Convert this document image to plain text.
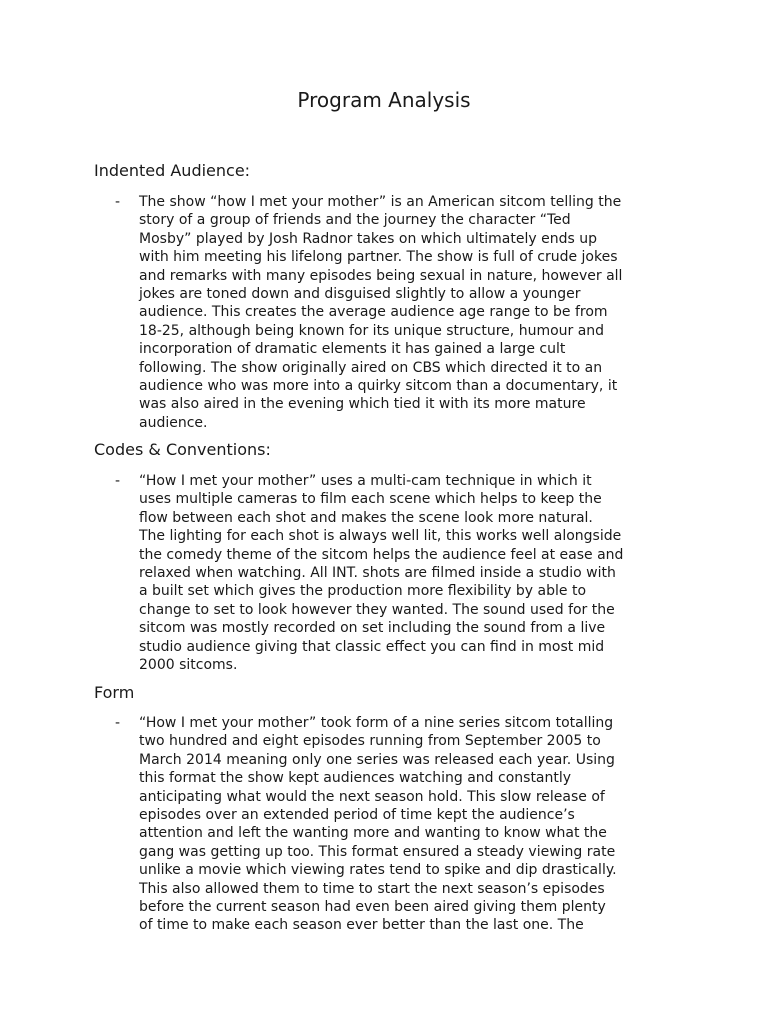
Program Analysis
Indented Audience:
- The show “how I met your mother” is an American sitcom telling the
story of a group of friends and the journey the character “Ted
Mosby” played by Josh Radnor takes on which ultimately ends up
with him meeting his lifelong partner. The show is full of crude jokes
and remarks with many episodes being sexual in nature, however all
jokes are toned down and disguised slightly to allow a younger
audience. This creates the average audience age range to be from
18-25, although being known for its unique structure, humour and
incorporation of dramatic elements it has gained a large cult
following. The show originally aired on CBS which directed it to an
audience who was more into a quirky sitcom than a documentary, it
was also aired in the evening which tied it with its more mature
audience.

Codes & Conventions:
- “How I met your mother” uses a multi-cam technique in which it
uses multiple cameras to film each scene which helps to keep the
flow between each shot and makes the scene look more natural.
The lighting for each shot is always well lit, this works well alongside
the comedy theme of the sitcom helps the audience feel at ease and
relaxed when watching. All INT. shots are filmed inside a studio with
a built set which gives the production more flexibility by able to
change to set to look however they wanted. The sound used for the
sitcom was mostly recorded on set including the sound from a live
studio audience giving that classic effect you can find in most mid
2000 sitcoms.

Form
- “How I met your mother” took form of a nine series sitcom totalling
two hundred and eight episodes running from September 2005 to
March 2014 meaning only one series was released each year. Using
this format the show kept audiences watching and constantly
anticipating what would the next season hold. This slow release of
episodes over an extended period of time kept the audience’s
attention and left the wanting more and wanting to know what the
gang was getting up too. This format ensured a steady viewing rate
unlike a movie which viewing rates tend to spike and dip drastically.
This also allowed them to time to start the next season’s episodes
before the current season had even been aired giving them plenty
of time to make each season ever better than the last one. The
